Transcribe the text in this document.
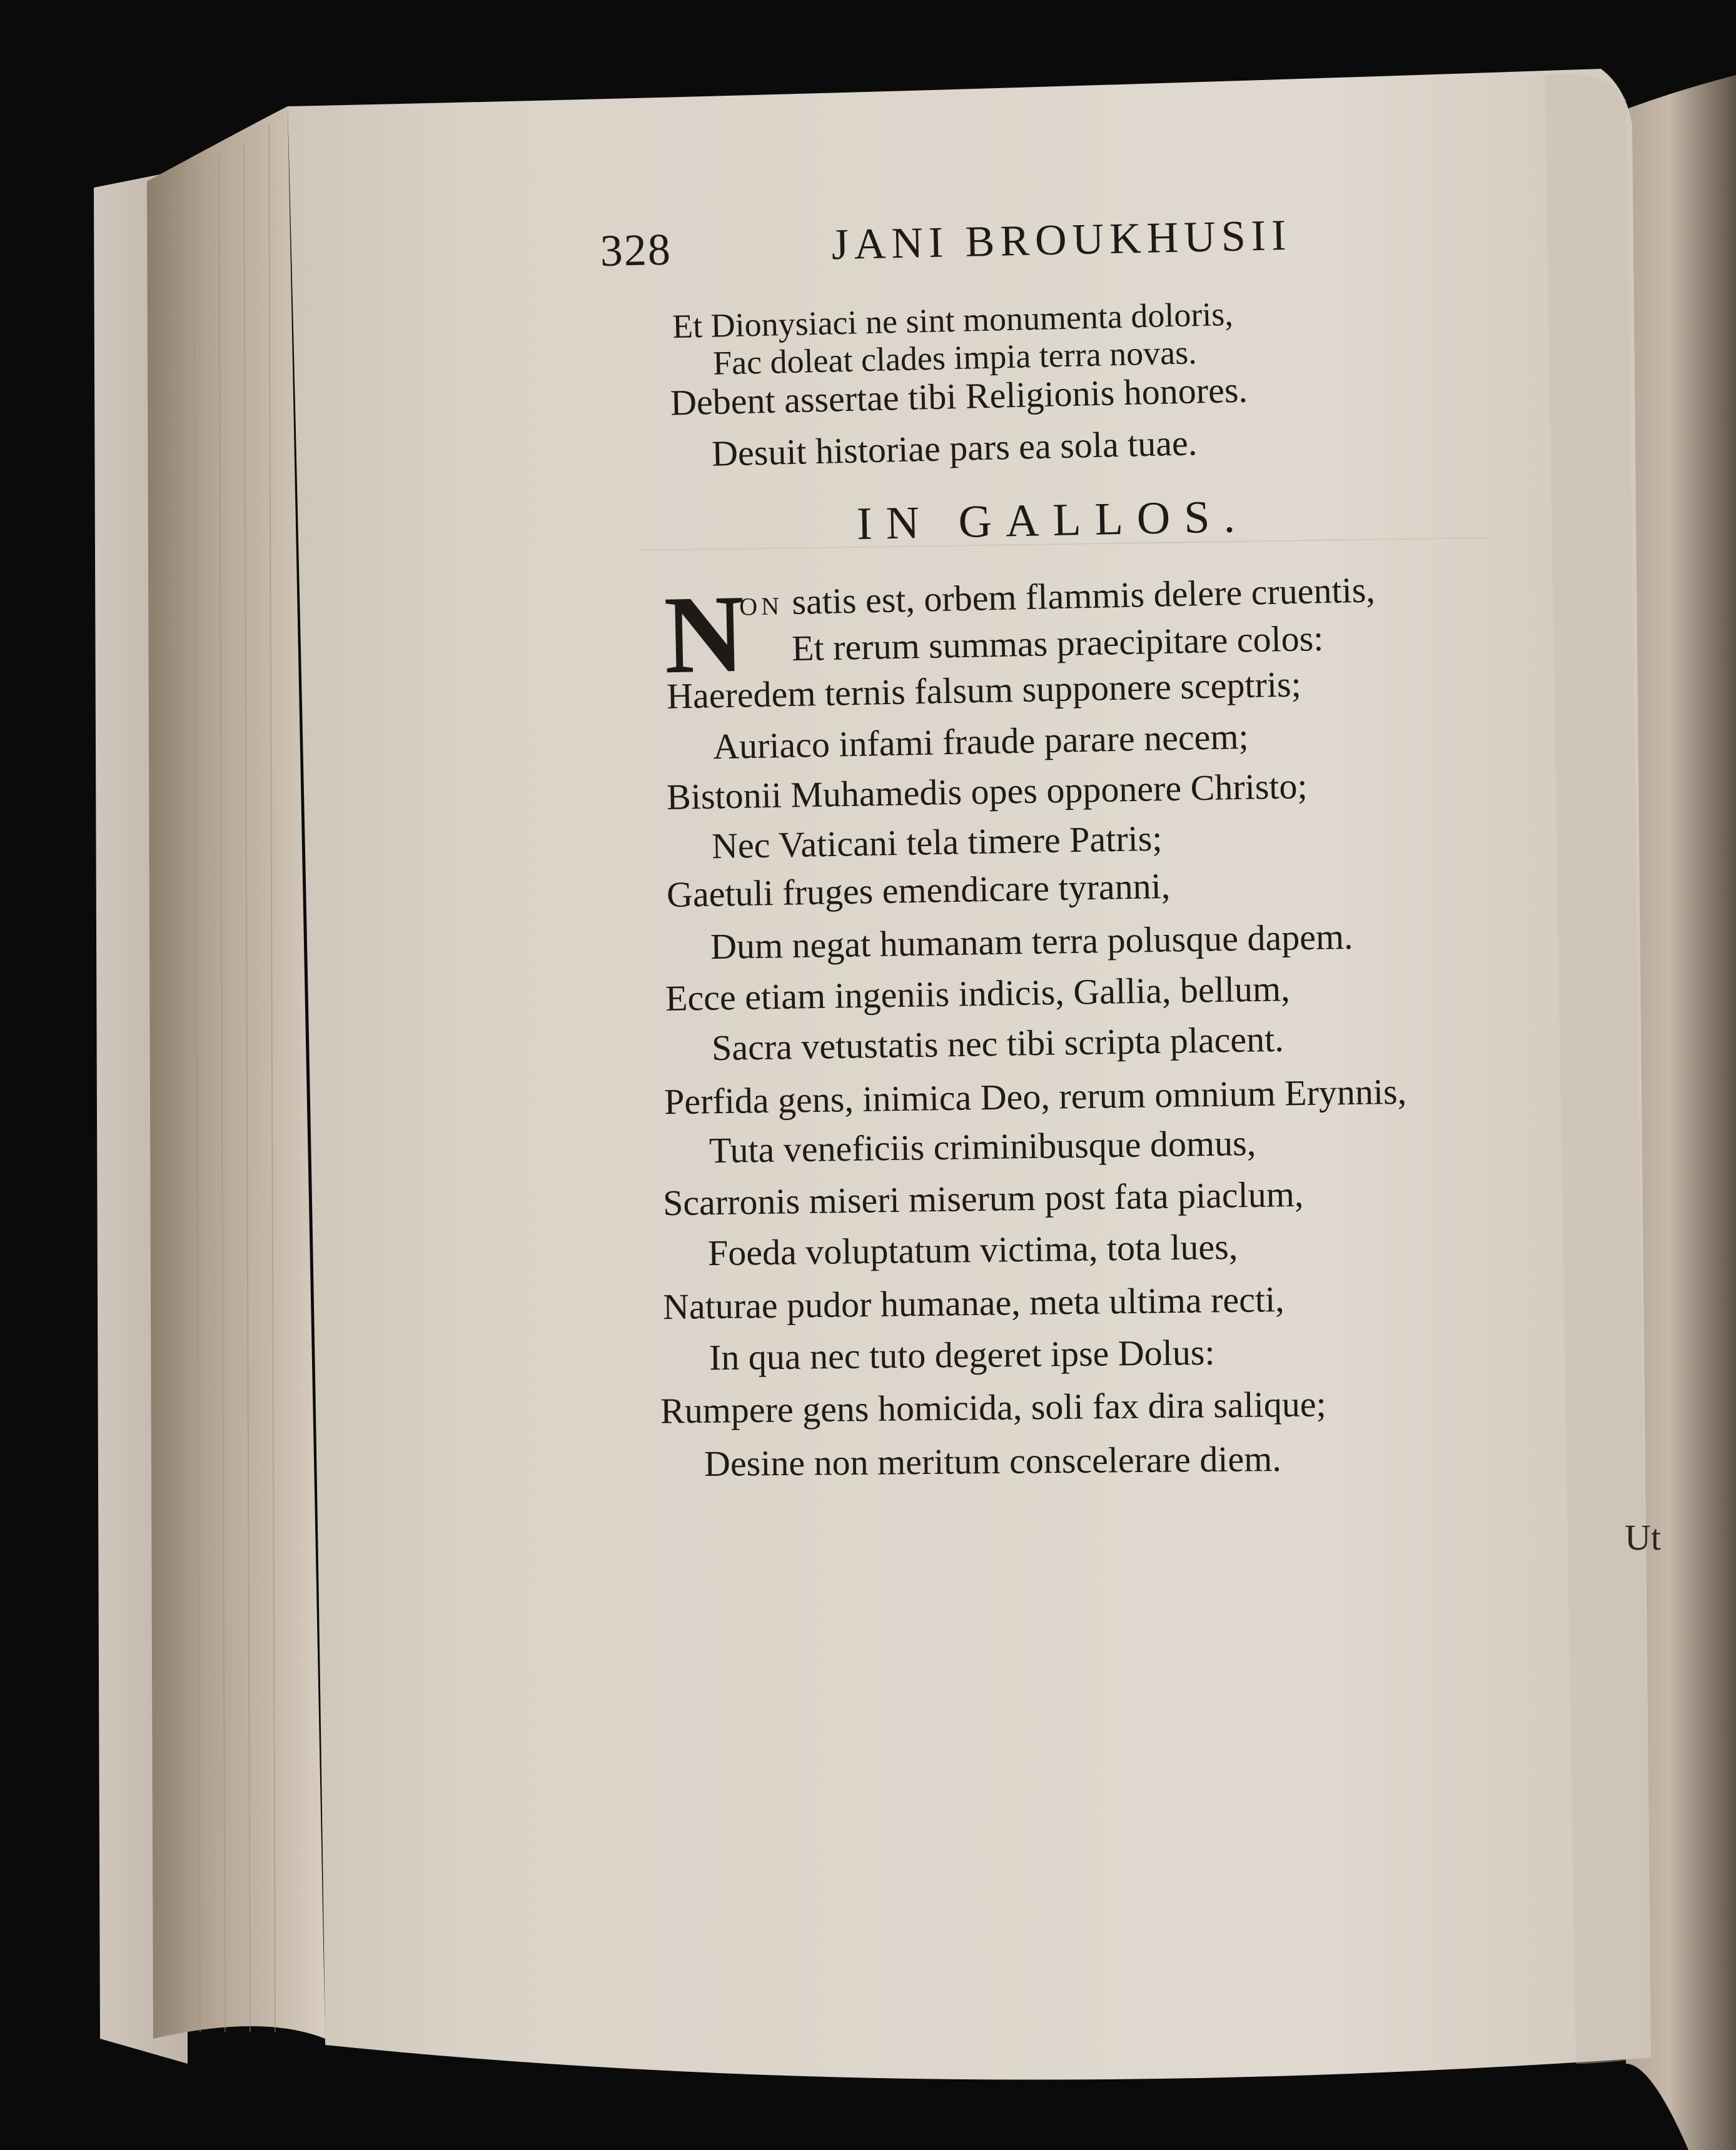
328	JANI BROUKHUSII
Et Dionysiaci ne sint monumenta doloris,
Fac doleat clades impia terra novas.
Debent assertae tibi Religionis honores.
Desuit historiae pars ea sola tuae.
IN GALLOS.
N
ON satis est, orbem flammis delere cruentis,
Et rerum summas praecipitare colos:
Haeredem ternis falsum supponere sceptris;
Auriaco infami fraude parare necem;
Bistonii Muhamedis opes opponere Christo;
Nec Vaticani tela timere Patris;
Gaetuli fruges emendicare tyranni,
Dum negat humanam terra polusque dapem.
Ecce etiam ingeniis indicis, Gallia, bellum,
Sacra vetustatis nec tibi scripta placent.
Perfida gens, inimica Deo, rerum omnium Erynnis,
Tuta veneficiis criminibusque domus,
Scarronis miseri miserum post fata piaclum,
Foeda voluptatum victima, tota lues,
Naturae pudor humanae, meta ultima recti,
In qua nec tuto degeret ipse Dolus:
Rumpere gens homicida, soli fax dira salique;
Desine non meritum conscelerare diem.
Ut
